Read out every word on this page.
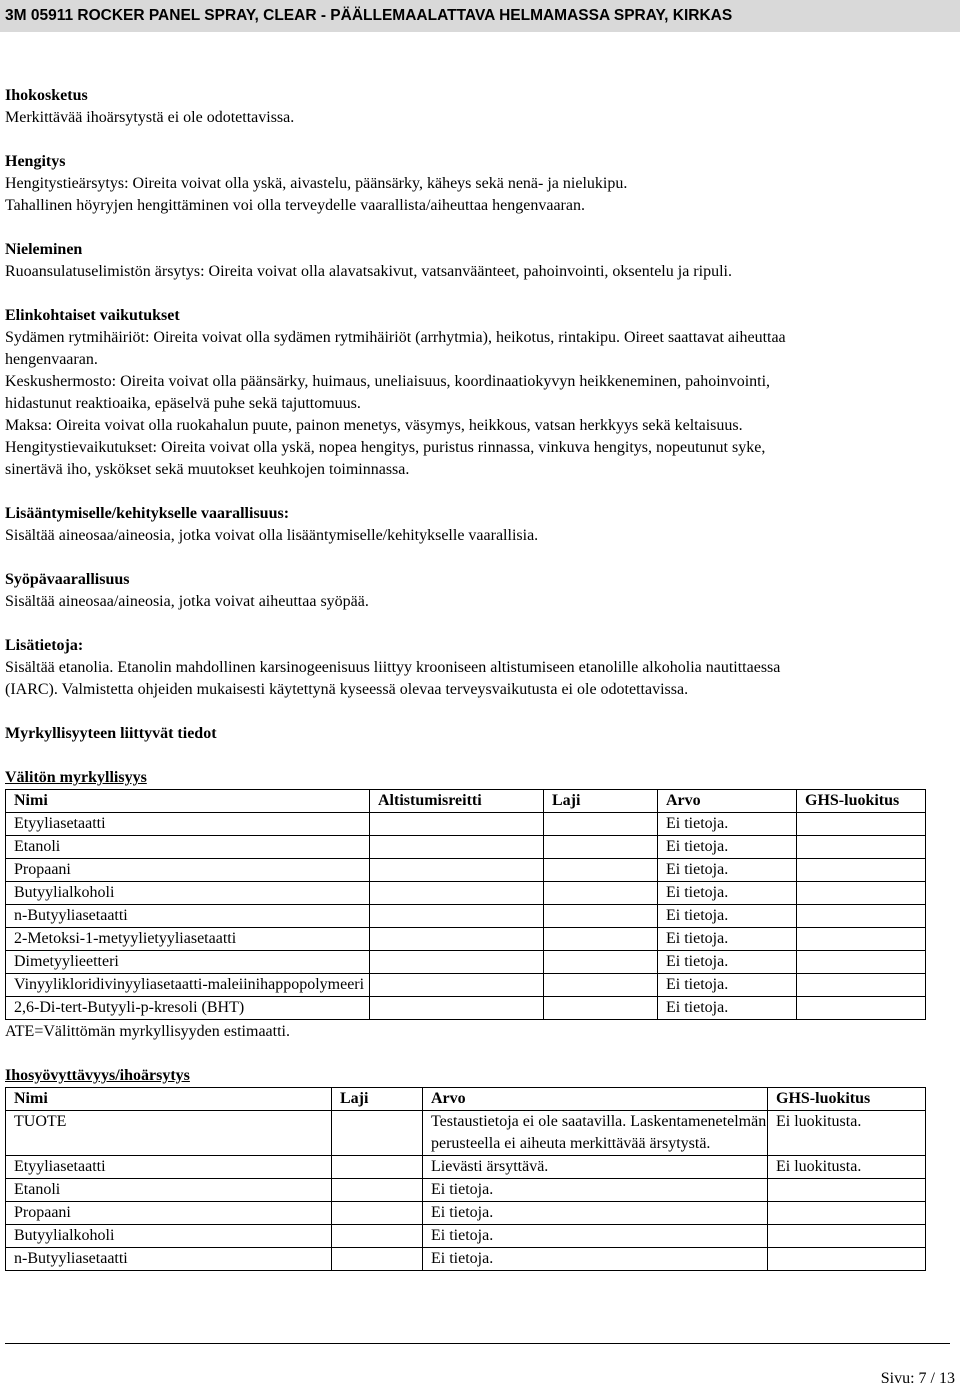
3M 05911 ROCKER PANEL SPRAY, CLEAR - PÄÄLLEMAALATTAVA HELMAMASSA SPRAY, KIRKAS
Ihokosketus
Merkittävää ihoärsytystä ei ole odotettavissa.
Hengitys
Hengitystieärsytys: Oireita voivat olla yskä, aivastelu, päänsärky, käheys sekä nenä- ja nielukipu.
Tahallinen höyryjen hengittäminen voi olla terveydelle vaarallista/aiheuttaa hengenvaaran.
Nieleminen
Ruoansulatuselimistön ärsytys: Oireita voivat olla alavatsakivut, vatsanväänteet, pahoinvointi, oksentelu ja ripuli.
Elinkohtaiset vaikutukset
Sydämen rytmihäiriöt: Oireita voivat olla sydämen rytmihäiriöt (arrhytmia), heikotus, rintakipu. Oireet saattavat aiheuttaa
hengenvaaran.
Keskushermosto: Oireita voivat olla päänsärky, huimaus, uneliaisuus, koordinaatiokyvyn heikkeneminen, pahoinvointi,
hidastunut reaktioaika, epäselvä puhe sekä tajuttomuus.
Maksa: Oireita voivat olla ruokahalun puute, painon menetys, väsymys, heikkous, vatsan herkkyys sekä keltaisuus.
Hengitystievaikutukset: Oireita voivat olla yskä, nopea hengitys, puristus rinnassa, vinkuva hengitys, nopeutunut syke,
sinertävä iho, yskökset sekä muutokset keuhkojen toiminnassa.
Lisääntymiselle/kehitykselle vaarallisuus:
Sisältää aineosaa/aineosia, jotka voivat olla lisääntymiselle/kehitykselle vaarallisia.
Syöpävaarallisuus
Sisältää aineosaa/aineosia, jotka voivat aiheuttaa syöpää.
Lisätietoja:
Sisältää etanolia. Etanolin mahdollinen karsinogeenisuus liittyy krooniseen altistumiseen etanolille alkoholia nautittaessa
(IARC). Valmistetta ohjeiden mukaisesti käytettynä kyseessä olevaa terveysvaikutusta ei ole odotettavissa.
Myrkyllisyyteen liittyvät tiedot
Välitön myrkyllisyys
Nimi	Altistumisreitti	Laji	Arvo	GHS-luokitus
Etyyliasetaatti			Ei tietoja.	
Etanoli			Ei tietoja.	
Propaani			Ei tietoja.	
Butyylialkoholi			Ei tietoja.	
n-Butyyliasetaatti			Ei tietoja.	
2-Metoksi-1-metyylietyyliasetaatti			Ei tietoja.	
Dimetyylieetteri			Ei tietoja.	
Vinyylikloridivinyyliasetaatti-maleiinihappopolymeeri			Ei tietoja.	
2,6-Di-tert-Butyyli-p-kresoli (BHT)			Ei tietoja.	
ATE=Välittömän myrkyllisyyden estimaatti.
Ihosyövyttävyys/ihoärsytys
Nimi	Laji	Arvo	GHS-luokitus
TUOTE		Testaustietoja ei ole saatavilla. Laskentamenetelmän perusteella ei aiheuta merkittävää ärsytystä.	Ei luokitusta.
Etyyliasetaatti		Lievästi ärsyttävä.	Ei luokitusta.
Etanoli		Ei tietoja.	
Propaani		Ei tietoja.	
Butyylialkoholi		Ei tietoja.	
n-Butyyliasetaatti		Ei tietoja.	
Sivu: 7 / 13
